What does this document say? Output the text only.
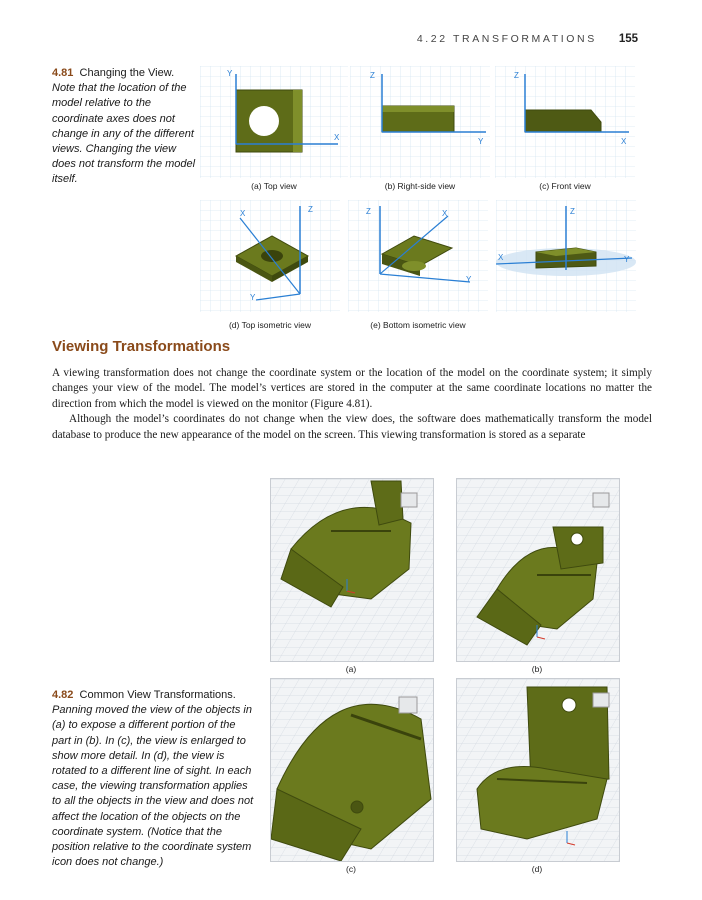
4.22 TRANSFORMATIONS 155
4.81 Changing the View. Note that the location of the model relative to the coordinate axes does not change in any of the different views. Changing the view does not transform the model itself.
Y
X
(a) Top view
Z
Y
(b) Right-side view
Z
X
(c) Front view
Z
X
Y
(d) Top isometric view
Z	X
Y
(e) Bottom isometric view
Z
X	Y
Viewing Transformations

A viewing transformation does not change the coordinate system or the location of the model on the coordinate system; it simply changes your view of the model. The model’s vertices are stored in the computer at the same coordinate locations no matter the direction from which the model is viewed on the monitor (Figure 4.81).

Although the model’s coordinates do not change when the view does, the software does mathematically transform the model database to produce the new appearance of the model on the screen. This viewing transformation is stored as a separate

(a)	(b)
4.82 Common View Transformations. Panning moved the view of the objects in (a) to expose a different portion of the part in (b). In (c), the view is enlarged to show more detail. In (d), the view is rotated to a different line of sight. In each case, the viewing transformation applies to all the objects in the view and does not affect the location of the objects on the coordinate system. (Notice that the position relative to the coordinate system icon does not change.)
(c)	(d)
